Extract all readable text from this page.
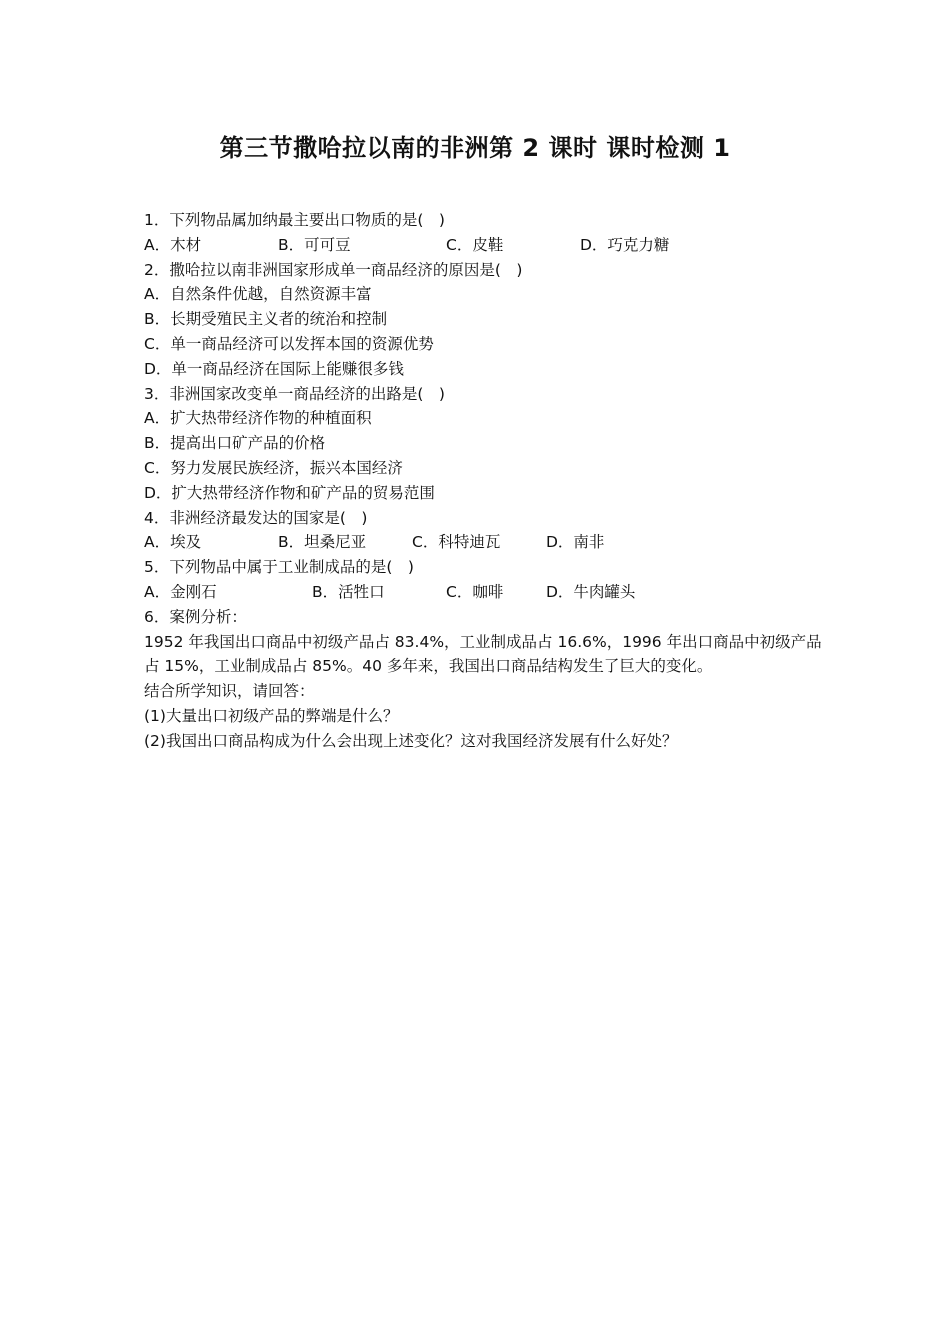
第三节撒哈拉以南的非洲第 2 课时 课时检测 1
1．下列物品属加纳最主要出口物质的是(　)
A．木材	B．可可豆	C．皮鞋	D．巧克力糖
2．撒哈拉以南非洲国家形成单一商品经济的原因是(　)
A．自然条件优越，自然资源丰富
B．长期受殖民主义者的统治和控制
C．单一商品经济可以发挥本国的资源优势
D．单一商品经济在国际上能赚很多钱
3．非洲国家改变单一商品经济的出路是(　)
A．扩大热带经济作物的种植面积
B．提高出口矿产品的价格
C．努力发展民族经济，振兴本国经济
D．扩大热带经济作物和矿产品的贸易范围
4．非洲经济最发达的国家是(　)
A．埃及	B．坦桑尼亚	C．科特迪瓦	D．南非
5．下列物品中属于工业制成品的是(　)
A．金刚石	B．活牲口	C．咖啡	D．牛肉罐头
6．案例分析：
1952 年我国出口商品中初级产品占 83.4%，工业制成品占 16.6%，1996 年出口商品中初级产品占 15%，工业制成品占 85%。40 多年来，我国出口商品结构发生了巨大的变化。
结合所学知识，请回答：
(1)大量出口初级产品的弊端是什么？
(2)我国出口商品构成为什么会出现上述变化？这对我国经济发展有什么好处？
